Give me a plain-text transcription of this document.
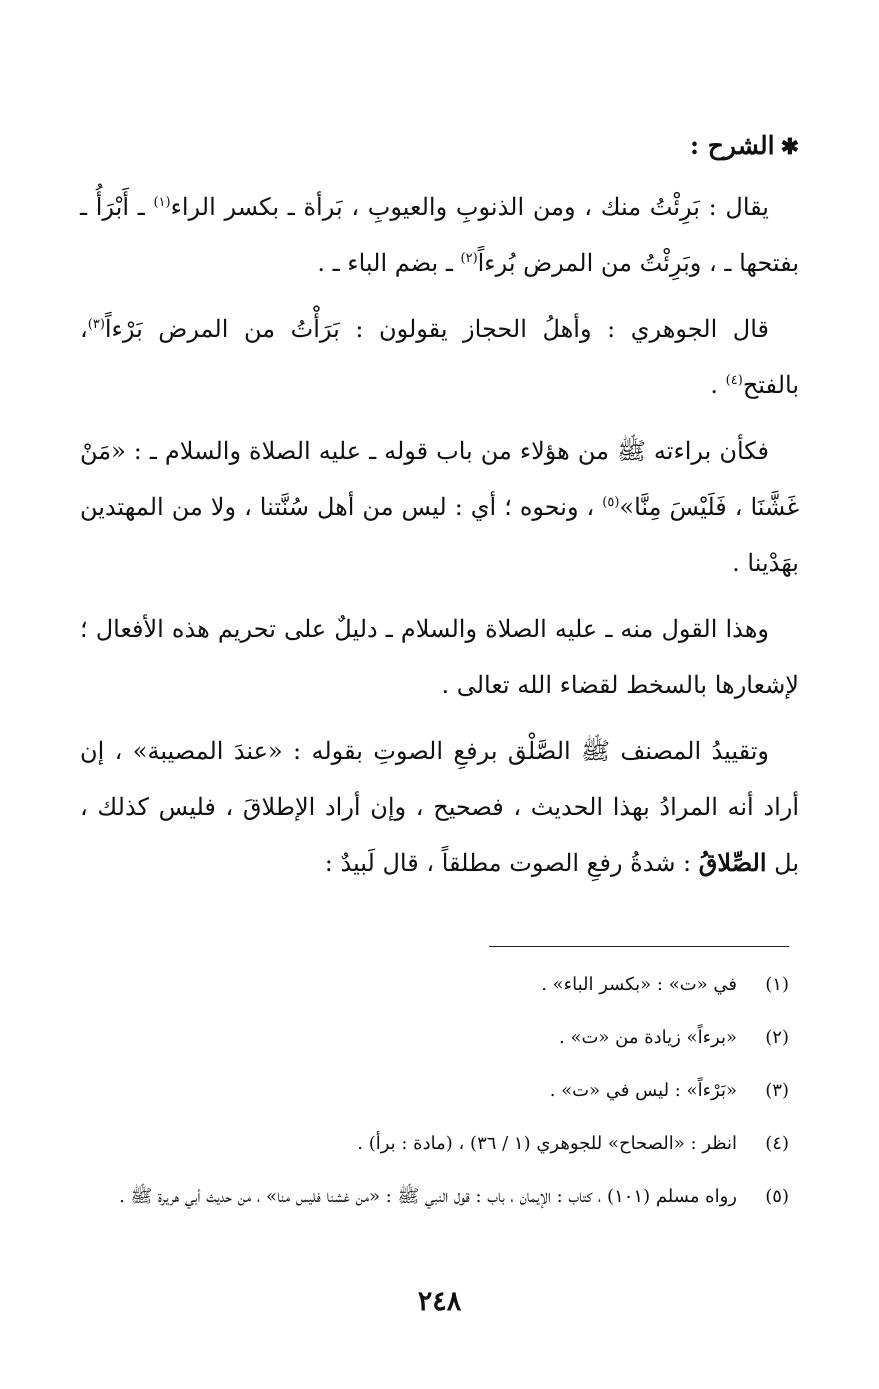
✱الشرح :

يقال : بَرِئْتُ منك ، ومن الذنوبِ والعيوبِ ، بَرأة ـ بكسر الراء$^{(١)}$ ـ أَبْرَأُ ـ بفتحها ـ ، وبَرِئْتُ من المرض بُرءاً$^{(٢)}$ ـ بضم الباء ـ .

قال الجوهري : وأهلُ الحجاز يقولون : بَرَأْتُ من المرض بَرْءاً$^{(٣)}$، بالفتح$^{(٤)}$ .

فكأن براءته ﷺ من هؤلاء من باب قوله ـ عليه الصلاة والسلام ـ : «مَنْ غَشَّنَا ، فَلَيْسَ مِنَّا»$^{(٥)}$ ، ونحوه ؛ أي : ليس من أهل سُنَّتنا ، ولا من المهتدين بهَدْينا .

وهذا القول منه ـ عليه الصلاة والسلام ـ دليلٌ على تحريم هذه الأفعال ؛ لإشعارها بالسخط لقضاء الله تعالى .

وتقييدُ المصنف ﷺ الصَّلْق برفعِ الصوتِ بقوله : «عندَ المصيبة» ، إن أراد أنه المرادُ بهذا الحديث ، فصحيح ، وإن أراد الإطلاقَ ، فليس كذلك ، بل الصِّلاقُ : شدةُ رفعِ الصوت مطلقاً ، قال لَبيدٌ :

(١)
في «ت» : «بكسر الباء» .
(٢)
«برءاً» زيادة من «ت» .
(٣)
«بَرْءاً» : ليس في «ت» .
(٤)
انظر : «الصحاح» للجوهري (١ / ٣٦) ، (مادة : برأ) .
(٥)
رواه مسلم (١٠١) ، كتاب : الإيمان ، باب : قول النبي ﷺ : «من غشنا فليس منا» ، من حديث أبي هريرة ﷺ .
٢٤٨
